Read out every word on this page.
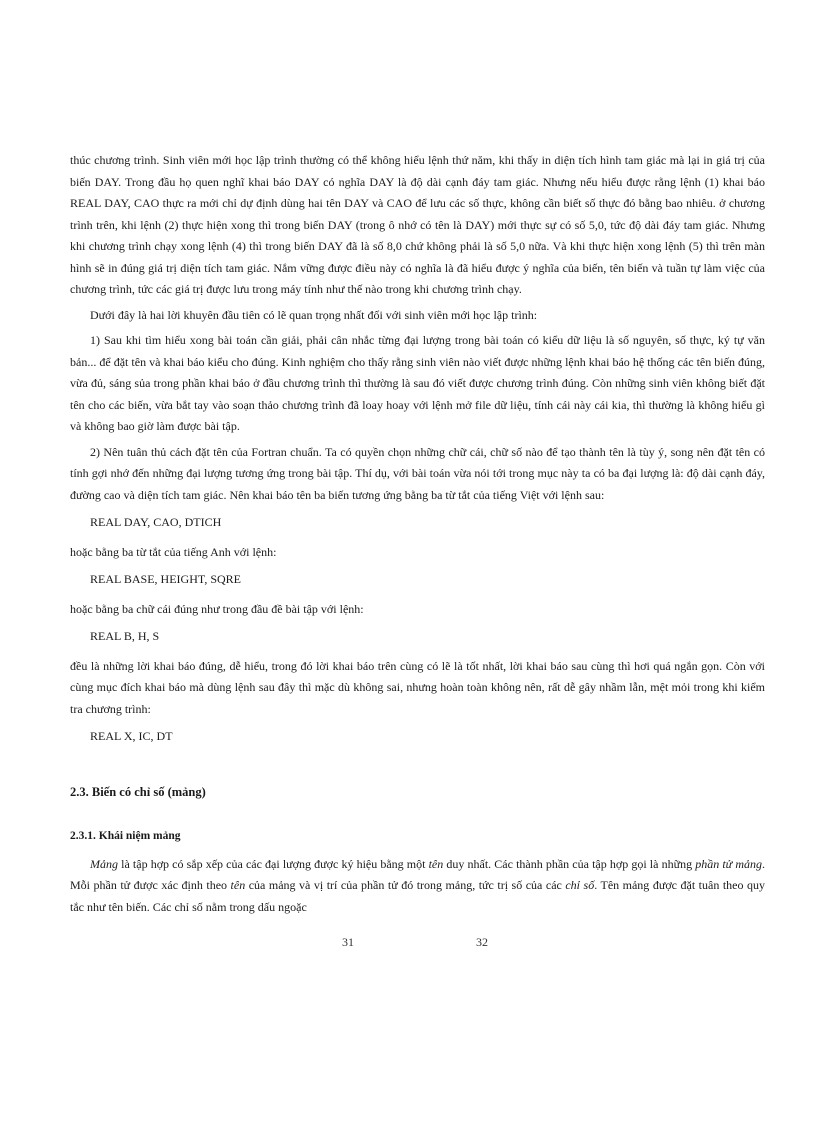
thúc chương trình. Sinh viên mới học lập trình thường có thể không hiểu lệnh thứ năm, khi thấy in diện tích hình tam giác mà lại in giá trị của biến DAY. Trong đầu họ quen nghĩ khai báo DAY có nghĩa DAY là độ dài cạnh đáy tam giác. Nhưng nếu hiểu được rằng lệnh (1) khai báo REAL DAY, CAO thực ra mới chỉ dự định dùng hai tên DAY và CAO để lưu các số thực, không cần biết số thực đó bằng bao nhiêu. ở chương trình trên, khi lệnh (2) thực hiện xong thì trong biến DAY (trong ô nhớ có tên là DAY) mới thực sự có số 5,0, tức độ dài đáy tam giác. Nhưng khi chương trình chạy xong lệnh (4) thì trong biến DAY đã là số 8,0 chứ không phải là số 5,0 nữa. Và khi thực hiện xong lệnh (5) thì trên màn hình sẽ in đúng giá trị diện tích tam giác. Nắm vững được điều này có nghĩa là đã hiểu được ý nghĩa của biến, tên biến và tuần tự làm việc của chương trình, tức các giá trị được lưu trong máy tính như thế nào trong khi chương trình chạy.

Dưới đây là hai lời khuyên đầu tiên có lẽ quan trọng nhất đối với sinh viên mới học lập trình:

1) Sau khi tìm hiểu xong bài toán cần giải, phải cân nhắc từng đại lượng trong bài toán có kiểu dữ liệu là số nguyên, số thực, ký tự văn bản... để đặt tên và khai báo kiểu cho đúng. Kinh nghiệm cho thấy rằng sinh viên nào viết được những lệnh khai báo hệ thống các tên biến đúng, vừa đủ, sáng sủa trong phần khai báo ở đầu chương trình thì thường là sau đó viết được chương trình đúng. Còn những sinh viên không biết đặt tên cho các biến, vừa bắt tay vào soạn thảo chương trình đã loay hoay với lệnh mở file dữ liệu, tính cái này cái kia, thì thường là không hiểu gì và không bao giờ làm được bài tập.

2) Nên tuân thủ cách đặt tên của Fortran chuẩn. Ta có quyền chọn những chữ cái, chữ số nào để tạo thành tên là tùy ý, song nên đặt tên có tính gợi nhớ đến những đại lượng tương ứng trong bài tập. Thí dụ, với bài toán vừa nói tới trong mục này ta có ba đại lượng là: độ dài cạnh đáy, đường cao và diện tích tam giác. Nên khai báo tên ba biến tương ứng bằng ba từ tắt của tiếng Việt với lệnh sau:

REAL DAY, CAO, DTICH

hoặc bằng ba từ tắt của tiếng Anh với lệnh:

REAL BASE, HEIGHT, SQRE

hoặc bằng ba chữ cái đúng như trong đầu đề bài tập với lệnh:

REAL B, H, S

đều là những lời khai báo đúng, dễ hiểu, trong đó lời khai báo trên cùng có lẽ là tốt nhất, lời khai báo sau cùng thì hơi quá ngắn gọn. Còn với cùng mục đích khai báo mà dùng lệnh sau đây thì mặc dù không sai, nhưng hoàn toàn không nên, rất dễ gây nhầm lẫn, mệt mỏi trong khi kiểm tra chương trình:

REAL X, IC, DT

2.3. Biến có chỉ số (mảng)
2.3.1. Khái niệm mảng

Mảng là tập hợp có sắp xếp của các đại lượng được ký hiệu bằng một tên duy nhất. Các thành phần của tập hợp gọi là những phần tử mảng. Mỗi phần tử được xác định theo tên của mảng và vị trí của phần tử đó trong mảng, tức trị số của các chỉ số. Tên mảng được đặt tuân theo quy tắc như tên biến. Các chỉ số nằm trong dấu ngoặc

31	32
